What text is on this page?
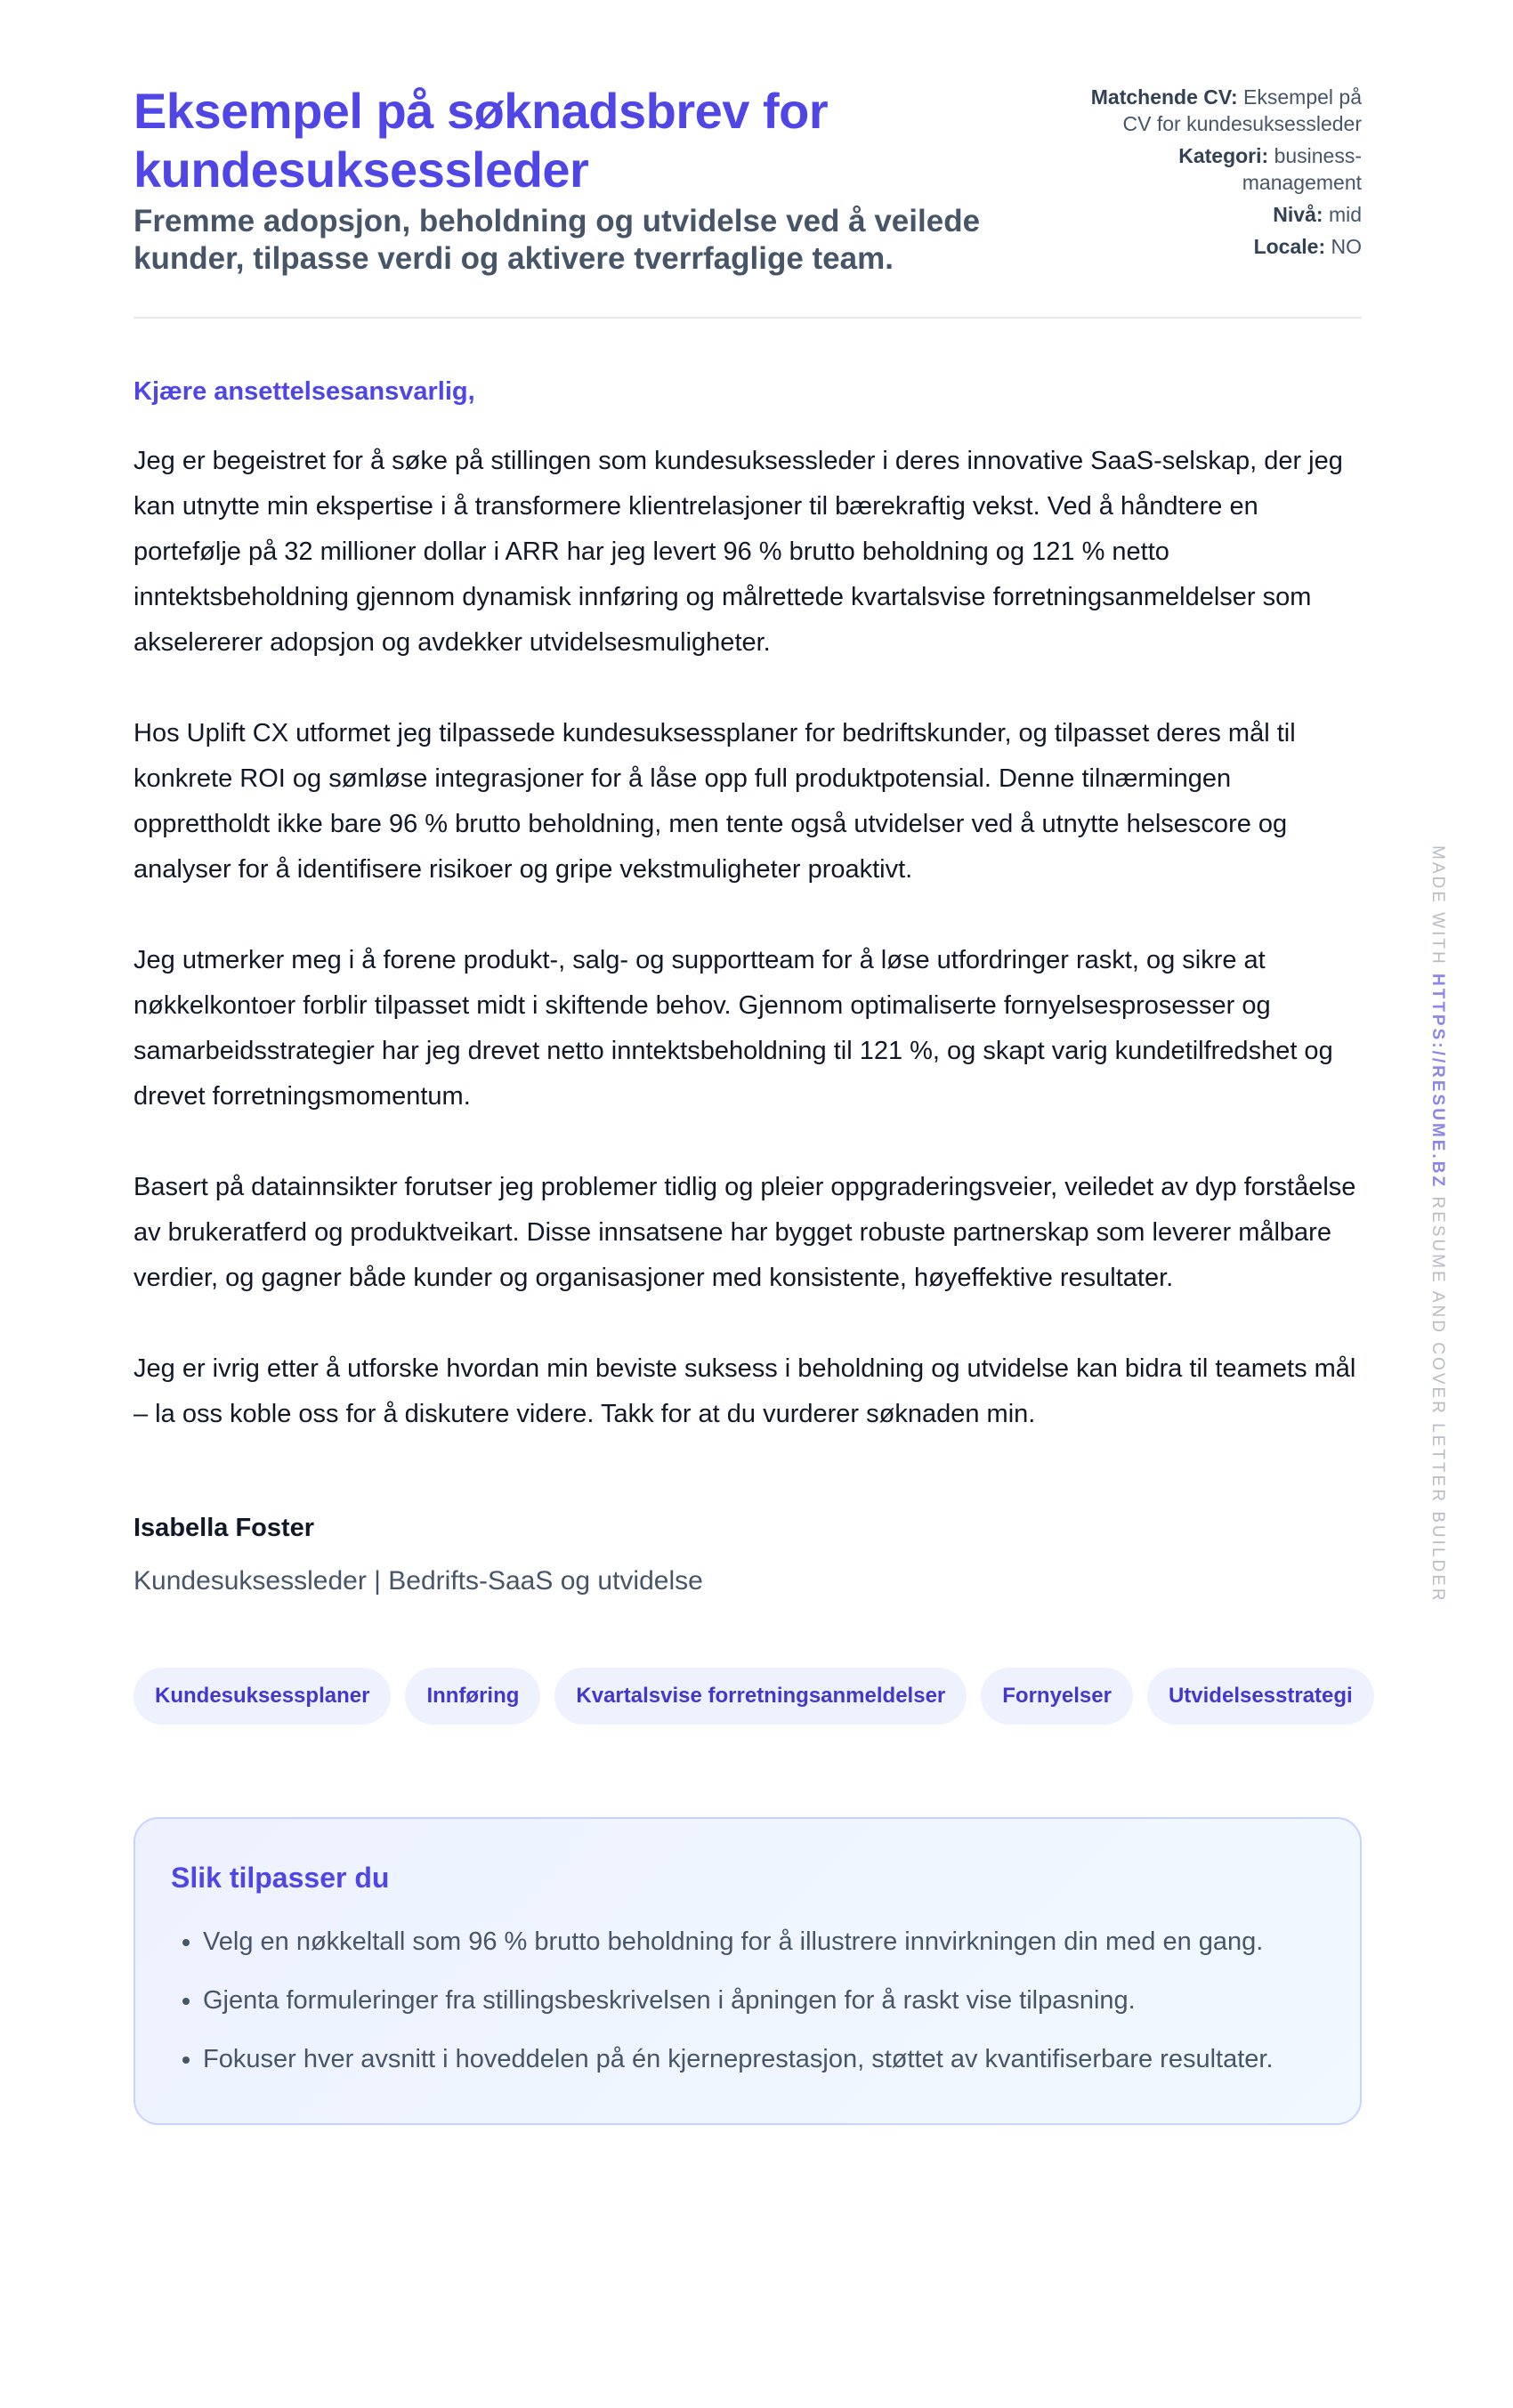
Eksempel på søknadsbrev for kundesuksessleder
Fremme adopsjon, beholdning og utvidelse ved å veilede kunder, tilpasse verdi og aktivere tverrfaglige team.
Matchende CV: Eksempel på CV for kundesuksessleder
Kategori: business-management
Nivå: mid
Locale: NO
Kjære ansettelsesansvarlig,

Jeg er begeistret for å søke på stillingen som kundesuksessleder i deres innovative SaaS-selskap, der jeg kan utnytte min ekspertise i å transformere klientrelasjoner til bærekraftig vekst. Ved å håndtere en portefølje på 32 millioner dollar i ARR har jeg levert 96 % brutto beholdning og 121 % netto inntektsbeholdning gjennom dynamisk innføring og målrettede kvartalsvise forretningsanmeldelser som akselererer adopsjon og avdekker utvidelsesmuligheter.

Hos Uplift CX utformet jeg tilpassede kundesuksessplaner for bedriftskunder, og tilpasset deres mål til konkrete ROI og sømløse integrasjoner for å låse opp full produktpotensial. Denne tilnærmingen opprettholdt ikke bare 96 % brutto beholdning, men tente også utvidelser ved å utnytte helsescore og analyser for å identifisere risikoer og gripe vekstmuligheter proaktivt.

Jeg utmerker meg i å forene produkt-, salg- og supportteam for å løse utfordringer raskt, og sikre at nøkkelkontoer forblir tilpasset midt i skiftende behov. Gjennom optimaliserte fornyelsesprosesser og samarbeidsstrategier har jeg drevet netto inntektsbeholdning til 121 %, og skapt varig kundetilfredshet og drevet forretningsmomentum.

Basert på datainnsikter forutser jeg problemer tidlig og pleier oppgraderingsveier, veiledet av dyp forståelse av brukeratferd og produktveikart. Disse innsatsene har bygget robuste partnerskap som leverer målbare verdier, og gagner både kunder og organisasjoner med konsistente, høyeffektive resultater.

Jeg er ivrig etter å utforske hvordan min beviste suksess i beholdning og utvidelse kan bidra til teamets mål – la oss koble oss for å diskutere videre. Takk for at du vurderer søknaden min.

Isabella Foster
Kundesuksessleder | Bedrifts-SaaS og utvidelse
Kundesuksessplaner	Innføring	Kvartalsvise forretningsanmeldelser	Fornyelser	Utvidelsesstrategi
Slik tilpasser du
• Velg en nøkkeltall som 96 % brutto beholdning for å illustrere innvirkningen din med en gang.
• Gjenta formuleringer fra stillingsbeskrivelsen i åpningen for å raskt vise tilpasning.
• Fokuser hver avsnitt i hoveddelen på én kjerneprestasjon, støttet av kvantifiserbare resultater.
MADE WITH HTTPS://RESUME.BZ RESUME AND COVER LETTER BUILDER
